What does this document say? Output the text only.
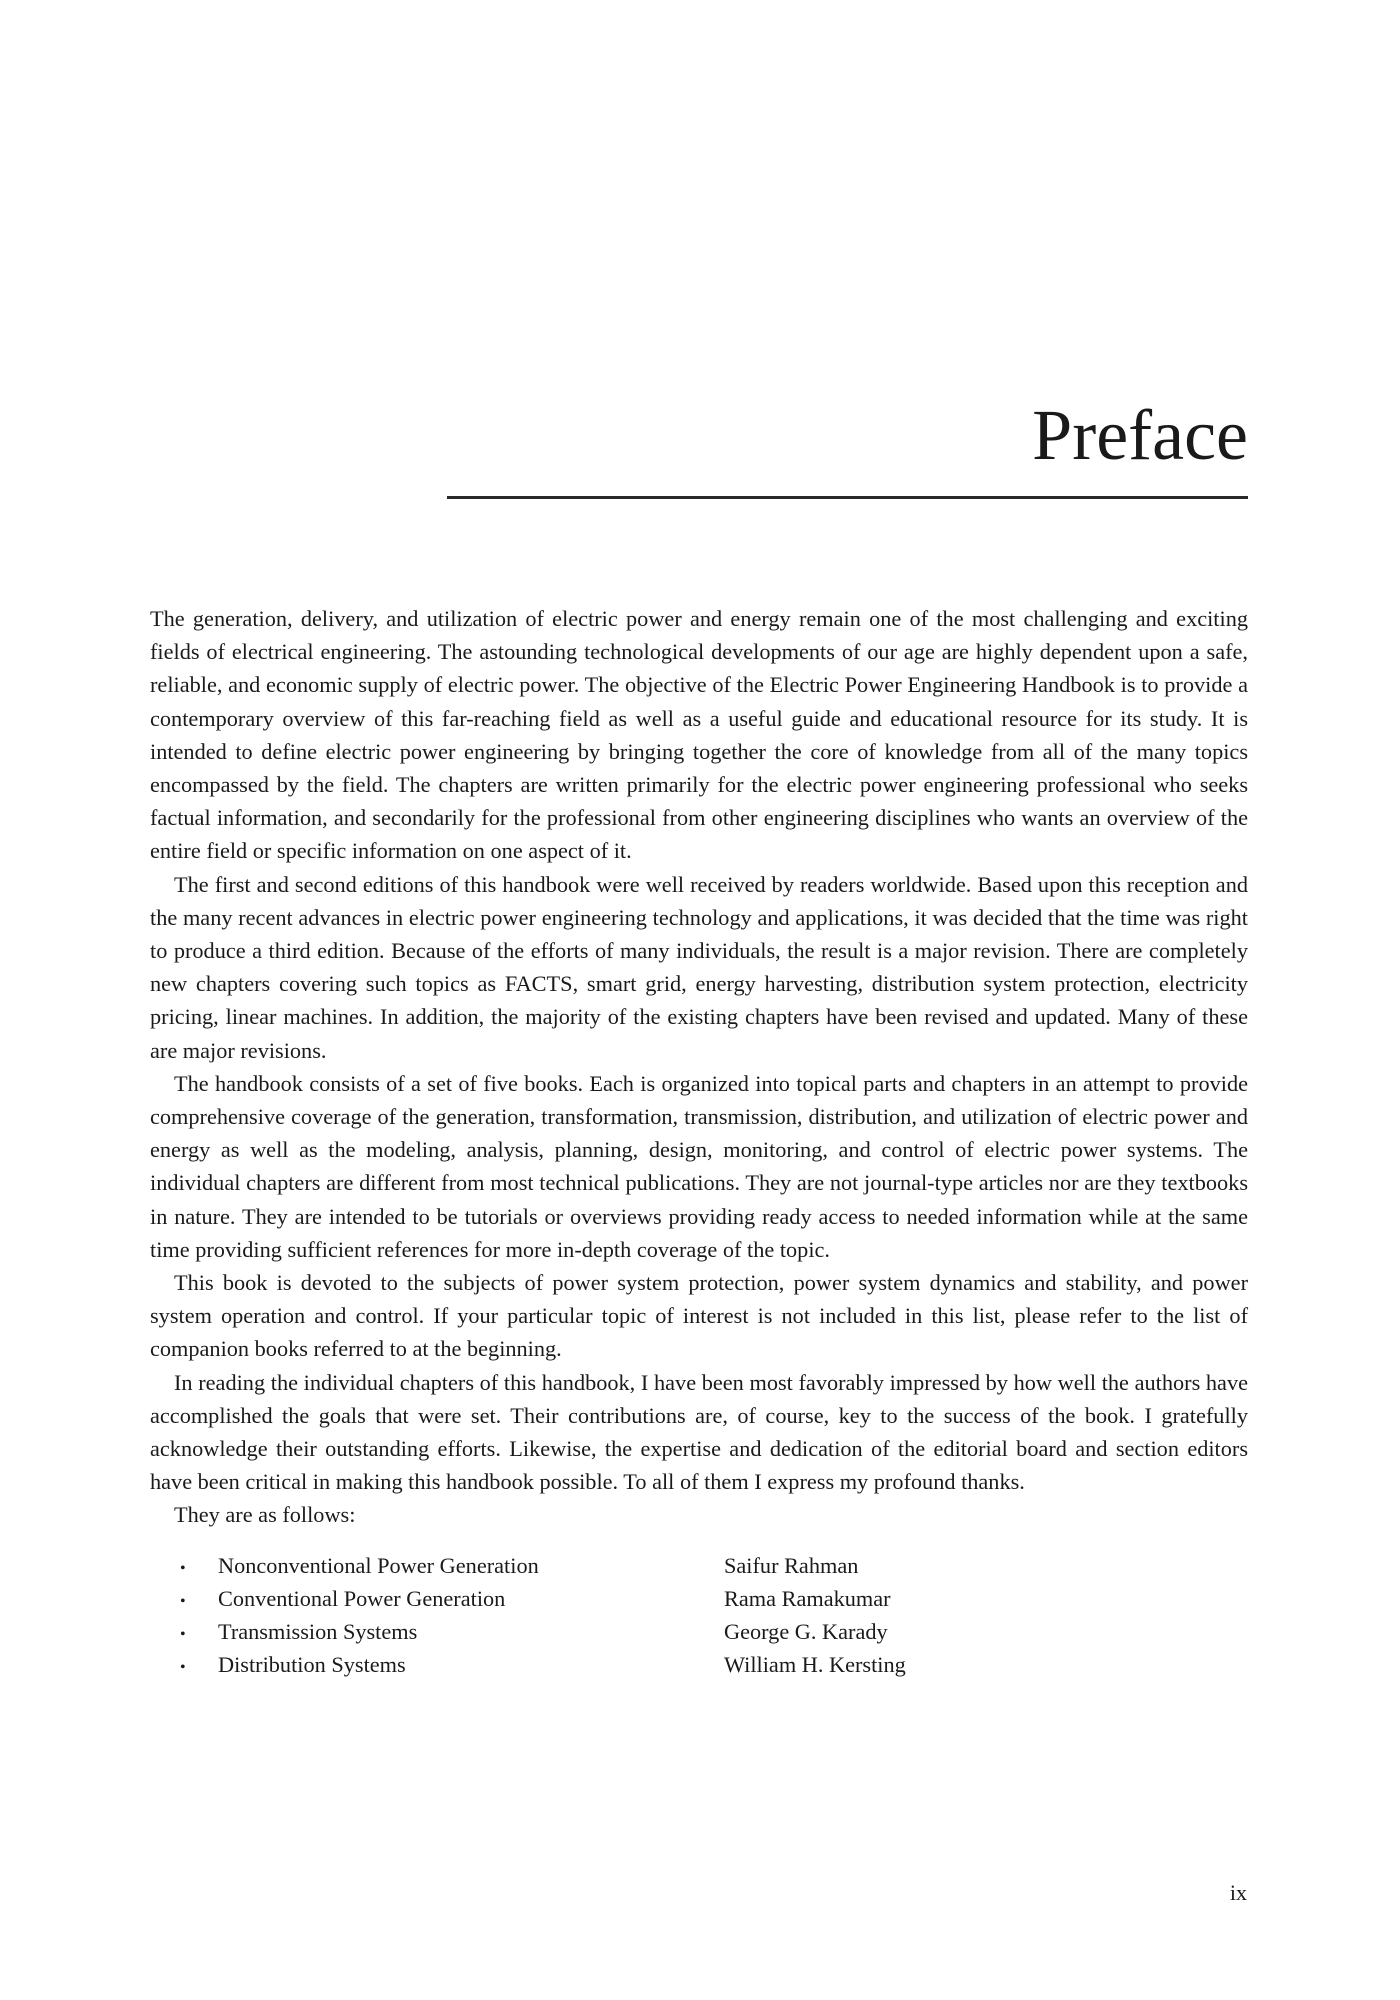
Preface

The generation, delivery, and utilization of electric power and energy remain one of the most challenging and exciting fields of electrical engineering. The astounding technological developments of our age are highly dependent upon a safe, reliable, and economic supply of electric power. The objective of the Electric Power Engineering Handbook is to provide a contemporary overview of this far-reaching field as well as a useful guide and educational resource for its study. It is intended to define electric power engineering by bringing together the core of knowledge from all of the many topics encompassed by the field. The chapters are written primarily for the electric power engineering professional who seeks factual information, and secondarily for the professional from other engineering disciplines who wants an overview of the entire field or specific information on one aspect of it.

The first and second editions of this handbook were well received by readers worldwide. Based upon this reception and the many recent advances in electric power engineering technology and applications, it was decided that the time was right to produce a third edition. Because of the efforts of many individuals, the result is a major revision. There are completely new chapters covering such topics as FACTS, smart grid, energy harvesting, distribution system protection, electricity pricing, linear machines. In addition, the majority of the existing chapters have been revised and updated. Many of these are major revisions.

The handbook consists of a set of five books. Each is organized into topical parts and chapters in an attempt to provide comprehensive coverage of the generation, transformation, transmission, distribution, and utilization of electric power and energy as well as the modeling, analysis, planning, design, monitoring, and control of electric power systems. The individual chapters are different from most technical publications. They are not journal-type articles nor are they textbooks in nature. They are intended to be tutorials or overviews providing ready access to needed information while at the same time providing sufficient references for more in-depth coverage of the topic.

This book is devoted to the subjects of power system protection, power system dynamics and stability, and power system operation and control. If your particular topic of interest is not included in this list, please refer to the list of companion books referred to at the beginning.

In reading the individual chapters of this handbook, I have been most favorably impressed by how well the authors have accomplished the goals that were set. Their contributions are, of course, key to the success of the book. I gratefully acknowledge their outstanding efforts. Likewise, the expertise and dedication of the editorial board and section editors have been critical in making this handbook possible. To all of them I express my profound thanks.

They are as follows:

•	Nonconventional Power Generation	Saifur Rahman
•	Conventional Power Generation	Rama Ramakumar
•	Transmission Systems	George G. Karady
•	Distribution Systems	William H. Kersting
ix
